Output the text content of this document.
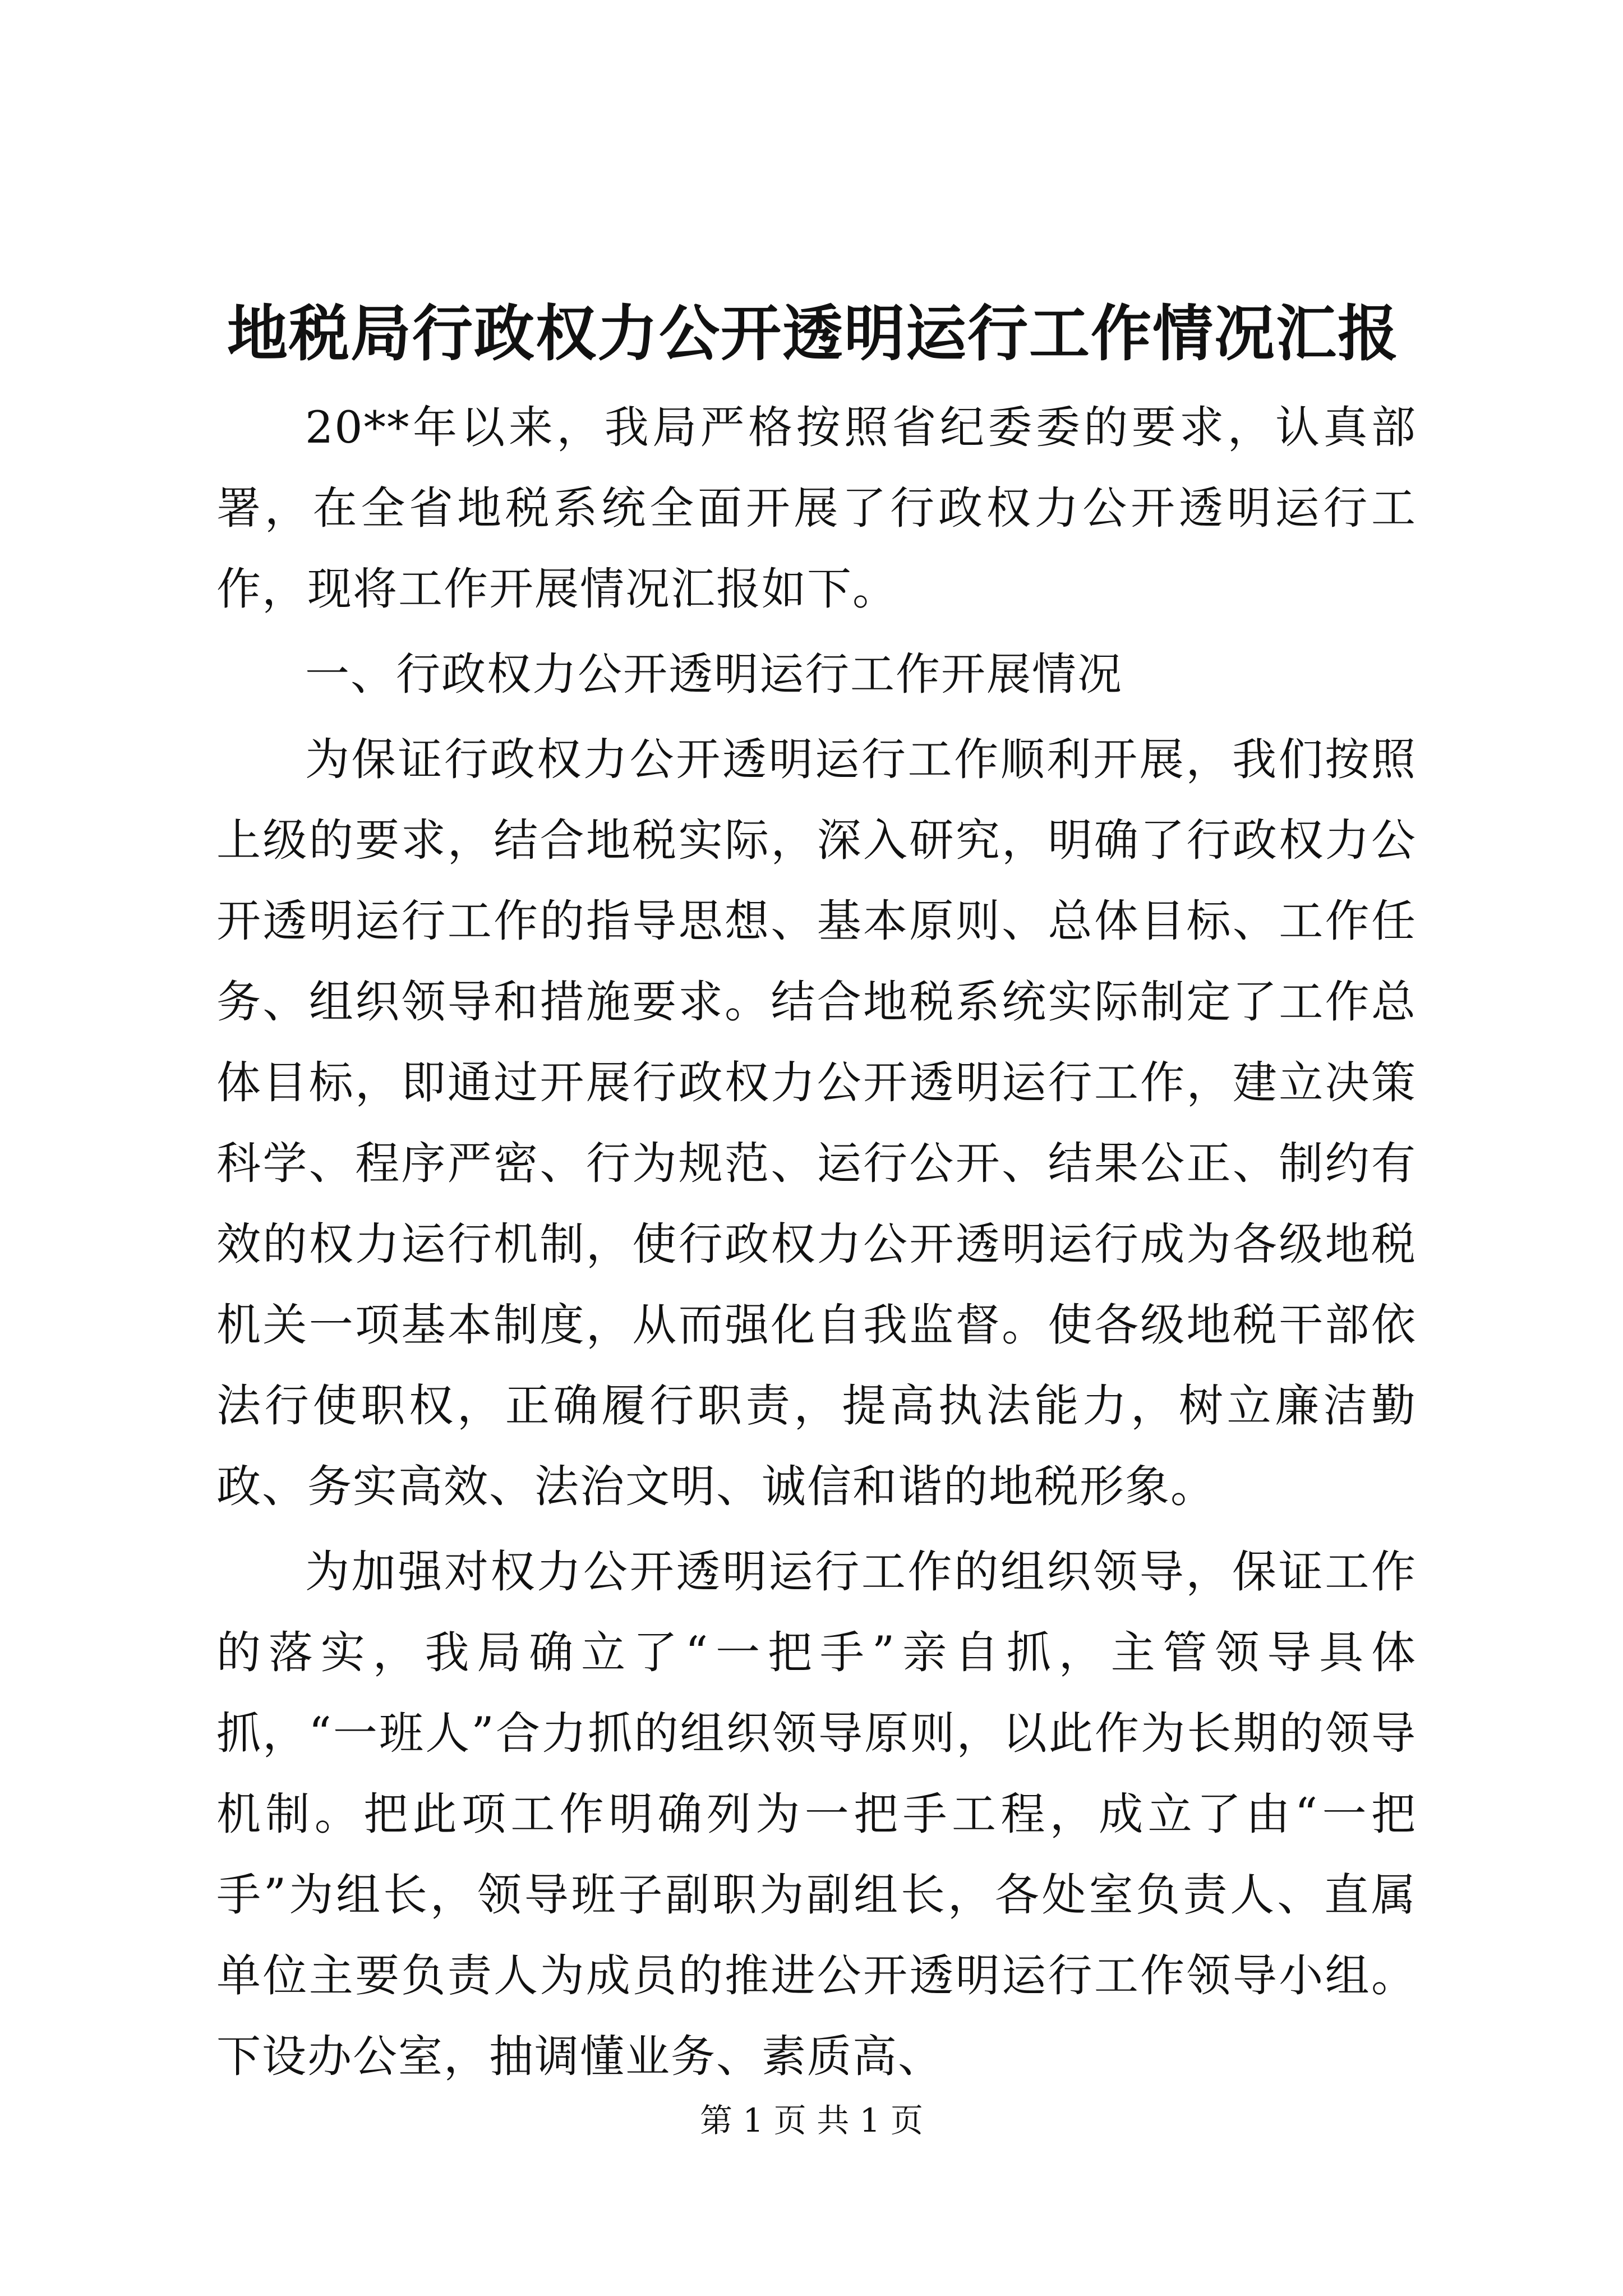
地税局行政权力公开透明运行工作情况汇报

20**年以来，我局严格按照省纪委委的要求，认真部署，在全省地税系统全面开展了行政权力公开透明运行工作，现将工作开展情况汇报如下。

一、行政权力公开透明运行工作开展情况

为保证行政权力公开透明运行工作顺利开展，我们按照上级的要求，结合地税实际，深入研究，明确了行政权力公开透明运行工作的指导思想、基本原则、总体目标、工作任务、组织领导和措施要求。结合地税系统实际制定了工作总体目标，即通过开展行政权力公开透明运行工作，建立决策科学、程序严密、行为规范、运行公开、结果公正、制约有效的权力运行机制，使行政权力公开透明运行成为各级地税机关一项基本制度，从而强化自我监督。使各级地税干部依法行使职权，正确履行职责，提高执法能力，树立廉洁勤政、务实高效、法治文明、诚信和谐的地税形象。

为加强对权力公开透明运行工作的组织领导，保证工作的落实，我局确立了“一把手”亲自抓，主管领导具体抓，“一班人”合力抓的组织领导原则，以此作为长期的领导机制。把此项工作明确列为一把手工程，成立了由“一把手”为组长，领导班子副职为副组长，各处室负责人、直属单位主要负责人为成员的推进公开透明运行工作领导小组。下设办公室，抽调懂业务、素质高、

第 1 页 共 1 页
